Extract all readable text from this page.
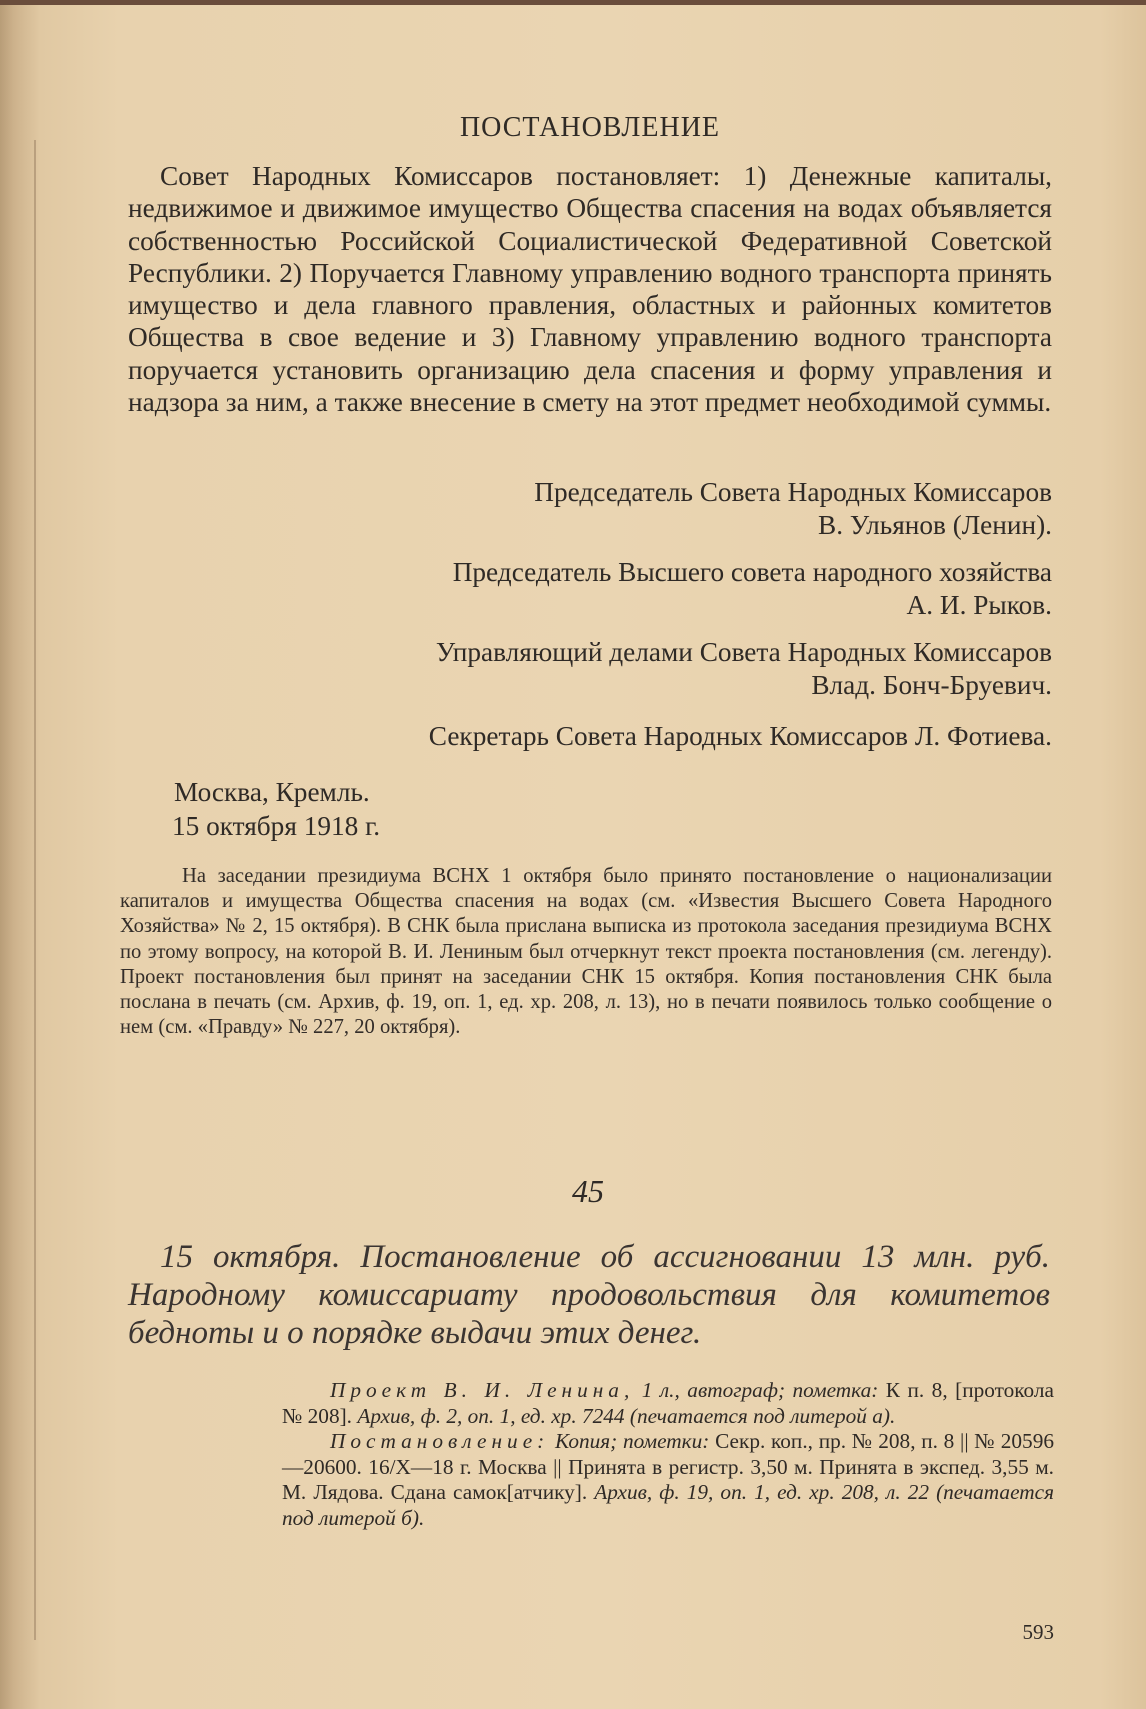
ПОСТАНОВЛЕНИЕ

Совет Народных Комиссаров постановляет: 1) Денежные капиталы, недвижимое и движимое имущество Общества спасения на водах объявляется собственностью Российской Социалистической Федеративной Советской Республики. 2) Поручается Главному управлению водного транспорта принять имущество и дела главного правления, областных и районных комитетов Общества в свое ведение и 3) Главному управлению водного транспорта поручается установить организацию дела спасения и форму управления и надзора за ним, а также внесение в смету на этот предмет необходимой суммы.

Председатель Совета Народных Комиссаров
В. Ульянов (Ленин).
Председатель Высшего совета народного хозяйства
А. И. Рыков.
Управляющий делами Совета Народных Комиссаров
Влад. Бонч-Бруевич.
Секретарь Совета Народных Комиссаров Л. Фотиева.
Москва, Кремль.
15 октября 1918 г.

На заседании президиума ВСНХ 1 октября было принято постановление о национализации капиталов и имущества Общества спасения на водах (см. «Известия Высшего Совета Народного Хозяйства» № 2, 15 октября). В СНК была прислана выписка из протокола заседания президиума ВСНХ по этому вопросу, на которой В. И. Лениным был отчеркнут текст проекта постановления (см. легенду). Проект постановления был принят на заседании СНК 15 октября. Копия постановления СНК была послана в печать (см. Архив, ф. 19, оп. 1, ед. хр. 208, л. 13), но в печати появилось только сообщение о нем (см. «Правду» № 227, 20 октября).

45

15 октября. Постановление об ассигновании 13 млн. руб. Народному комиссариату продовольствия для комитетов бедноты и о порядке выдачи этих денег.

Проект В. И. Ленина, 1 л., автограф; пометка: К п. 8, [протокола № 208]. Архив, ф. 2, оп. 1, ед. хр. 7244 (печатается под литерой а).

Постановление: Копия; пометки: Секр. коп., пр. № 208, п. 8 || № 20596—20600. 16/X—18 г. Москва || Принята в регистр. 3,50 м. Принята в экспед. 3,55 м. М. Лядова. Сдана самок[атчику]. Архив, ф. 19, оп. 1, ед. хр. 208, л. 22 (печатается под литерой б).

593
